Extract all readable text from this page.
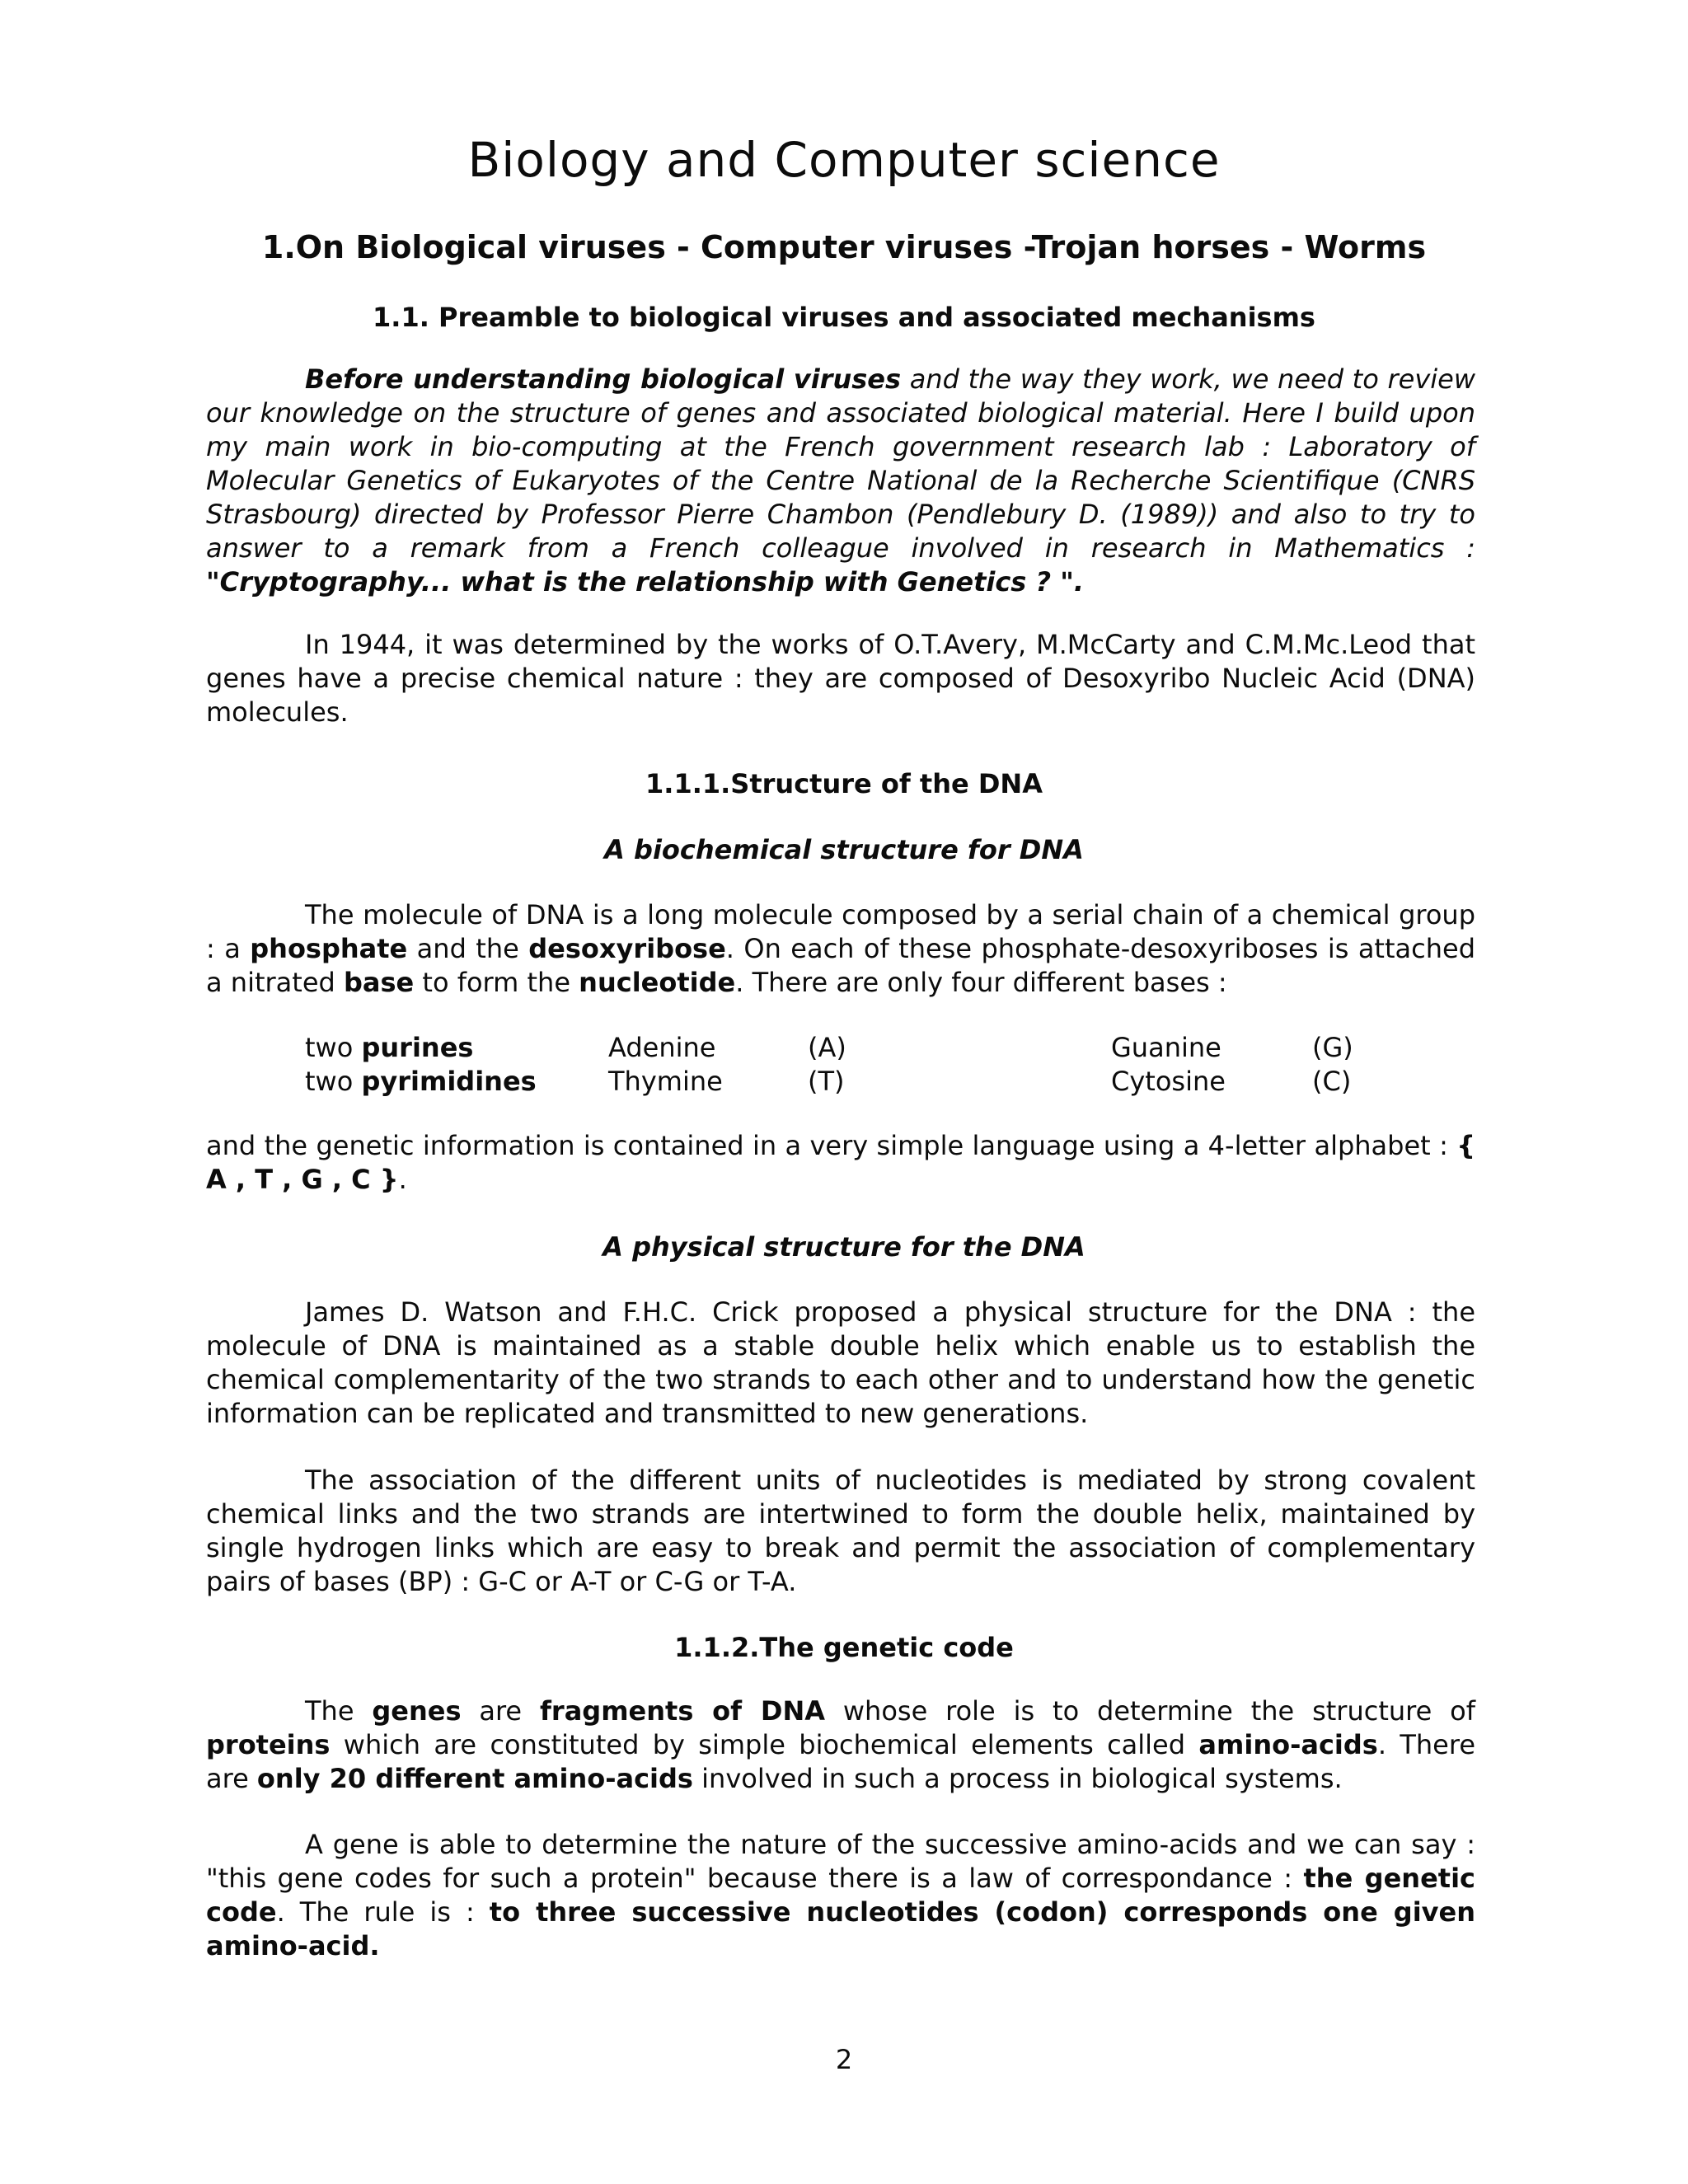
Biology and Computer science
1.On Biological viruses - Computer viruses -Trojan horses - Worms
1.1. Preamble to biological viruses and associated mechanisms

Before understanding biological viruses and the way they work, we need to review our knowledge on the structure of genes and associated biological material. Here I build upon my main work in bio-computing at the French government research lab : Laboratory of Molecular Genetics of Eukaryotes of the Centre National de la Recherche Scientifique (CNRS Strasbourg) directed by Professor Pierre Chambon (Pendlebury D. (1989)) and also to try to answer to a remark from a French colleague involved in research in Mathematics : "Cryptography... what is the relationship with Genetics ? ".

In 1944, it was determined by the works of O.T.Avery, M.McCarty and C.M.Mc.Leod that genes have a precise chemical nature : they are composed of Desoxyribo Nucleic Acid (DNA) molecules.

1.1.1.Structure of the DNA
A biochemical structure for DNA

The molecule of DNA is a long molecule composed by a serial chain of a chemical group : a phosphate and the desoxyribose. On each of these phosphate-desoxyriboses is attached a nitrated base to form the nucleotide. There are only four different bases :

two purines	Adenine	(A)	Guanine	(G)
two pyrimidines	Thymine	(T)	Cytosine	(C)

and the genetic information is contained in a very simple language using a 4-letter alphabet : { A , T , G , C }.

A physical structure for the DNA

James D. Watson and F.H.C. Crick proposed a physical structure for the DNA : the molecule of DNA is maintained as a stable double helix which enable us to establish the chemical complementarity of the two strands to each other and to understand how the genetic information can be replicated and transmitted to new generations.

The association of the different units of nucleotides is mediated by strong covalent chemical links and the two strands are intertwined to form the double helix, maintained by single hydrogen links which are easy to break and permit the association of complementary pairs of bases (BP) : G-C or A-T or C-G or T-A.

1.1.2.The genetic code

The genes are fragments of DNA whose role is to determine the structure of proteins which are constituted by simple biochemical elements called amino-acids. There are only 20 different amino-acids involved in such a process in biological systems.

A gene is able to determine the nature of the successive amino-acids and we can say : "this gene codes for such a protein" because there is a law of correspondance : the genetic code. The rule is : to three successive nucleotides (codon) corresponds one given amino-acid.

2
